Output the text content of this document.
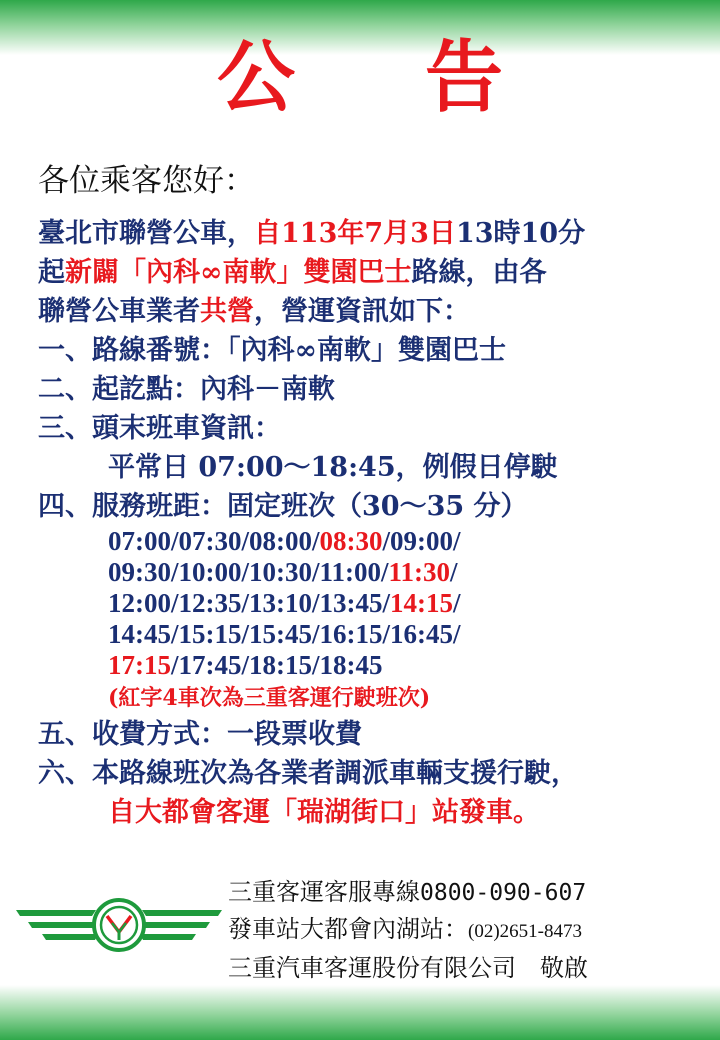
公 告
各位乘客您好：
臺北市聯營公車，自113年7月3日13時10分
起新闢「內科∞南軟」雙園巴士路線，由各
聯營公車業者共營，營運資訊如下：
一、路線番號：「內科∞南軟」雙園巴士
二、起訖點：內科－南軟
三、頭末班車資訊：
平常日 07:00～18:45，例假日停駛
四、服務班距：固定班次（30～35 分）
07:00/07:30/08:00/08:30/09:00/
09:30/10:00/10:30/11:00/11:30/
12:00/12:35/13:10/13:45/14:15/
14:45/15:15/15:45/16:15/16:45/
17:15/17:45/18:15/18:45
(紅字4車次為三重客運行駛班次)
五、收費方式：一段票收費
六、本路線班次為各業者調派車輛支援行駛，
自大都會客運「瑞湖街口」站發車。
三重客運客服專線0800-090-607
發車站大都會內湖站：(02)2651-8473
三重汽車客運股份有限公司　敬啟
